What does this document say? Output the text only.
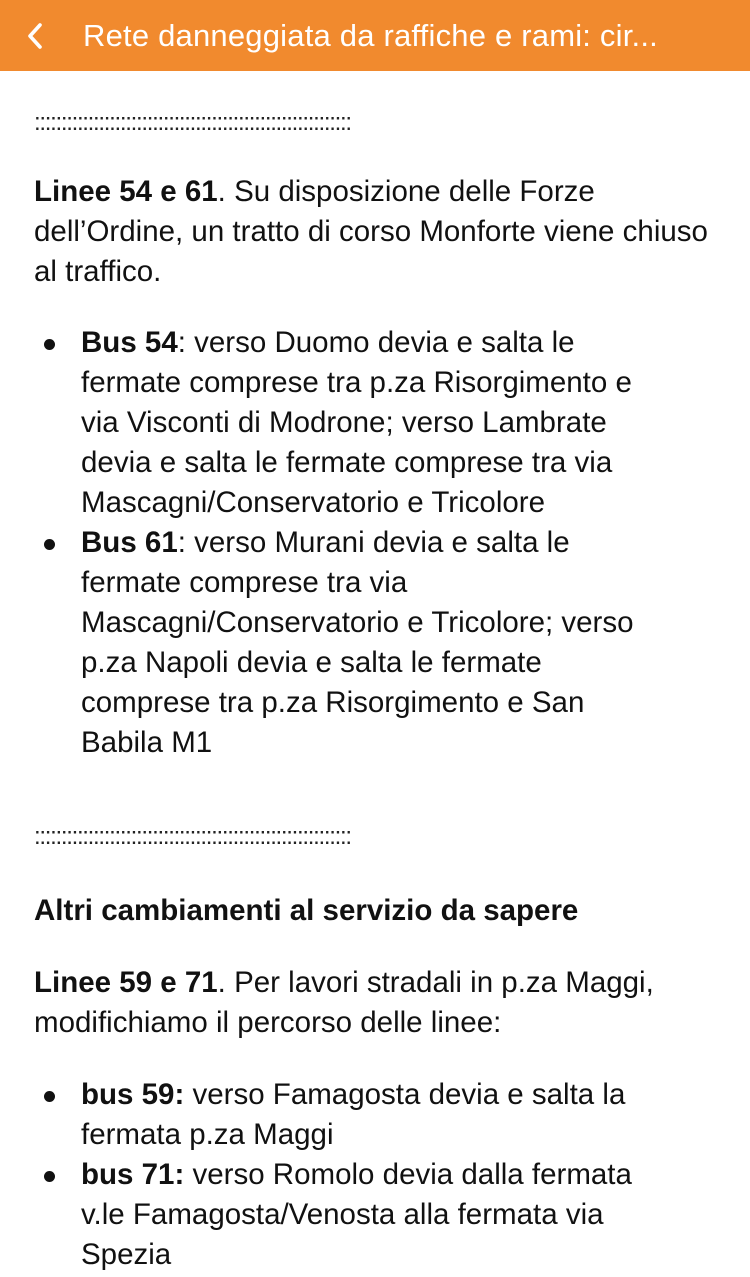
Rete danneggiata da raffiche e rami: cir...
:::::::::::::::::::::::::::::::::::::::::::::::::::::::::::

Linee 54 e 61. Su disposizione delle Forze dell’Ordine, un tratto di corso Monforte viene chiuso al traffico.

Bus 54: verso Duomo devia e salta le fermate comprese tra p.za Risorgimento e via Visconti di Modrone; verso Lambrate devia e salta le fermate comprese tra via Mascagni/Conservatorio e Tricolore
Bus 61: verso Murani devia e salta le fermate comprese tra via Mascagni/Conservatorio e Tricolore; verso p.za Napoli devia e salta le fermate comprese tra p.za Risorgimento e San Babila M1
:::::::::::::::::::::::::::::::::::::::::::::::::::::::::::

Altri cambiamenti al servizio da sapere

Linee 59 e 71. Per lavori stradali in p.za Maggi, modifichiamo il percorso delle linee:

bus 59: verso Famagosta devia e salta la fermata p.za Maggi
bus 71: verso Romolo devia dalla fermata v.le Famagosta/Venosta alla fermata via Spezia
